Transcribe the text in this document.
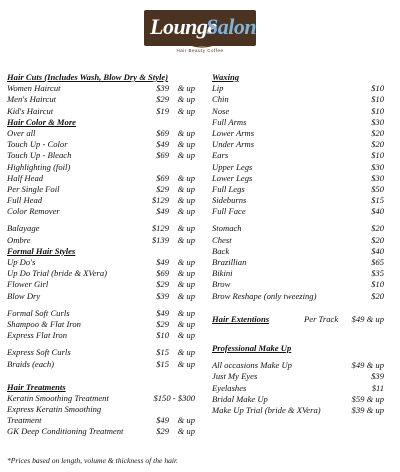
Lounge
Salon
Hair Beauty Coffee
Hair Cuts (Includes Wash, Blow Dry & Style)
Women Haircut	$39 & up
Men's Haircut	$29 & up
Kid's Haircut	$19 & up
Hair Color & More
Over all	$69 & up
Touch Up - Color	$49 & up
Touch Up - Bleach	$69 & up
Highlighting (foil)
Half Head	$69 & up
Per Single Foil	$29 & up
Full Head	$129 & up
Color Remover	$49 & up
Balayage	$129 & up
Ombre	$139 & up
Formal Hair Styles
Up Do's	$49 & up
Up Do Trial (bride & XVera)	$69 & up
Flower Girl	$29 & up
Blow Dry	$39 & up
Formal Soft Curls	$49 & up
Shampoo & Flat Iron	$29 & up
Express Flat Iron	$10 & up
Express Soft Curls	$15 & up
Braids (each)	$15 & up
Hair Treatments
Keratin Smoothing Treatment	$150 - $300
Express Keratin Smoothing
Treatment	$49 & up
GK Deep Conditioning Treatment	$29 & up
Waxing
Lip	$10
Chin	$10
Nose	$10
Full Arms	$30
Lower Arms	$20
Under Arms	$20
Ears	$10
Upper Legs	$30
Lower Legs	$30
Full Legs	$50
Sideburns	$15
Full Face	$40
Stomach	$20
Chest	$20
Back	$40
Brazillian	$65
Bikini	$35
Brow	$10
Brow Reshape (only tweezing)	$20
Hair Extentions	Per Track $49 & up
Professional Make Up
All occasions Make Up	$49 & up
Just My Eyes	$39
Eyelashes	$11
Bridal Make Up	$59 & up
Make Up Trial (bride & XVera)	$39 & up
*Prices based on length, volume & thickness of the hair.
